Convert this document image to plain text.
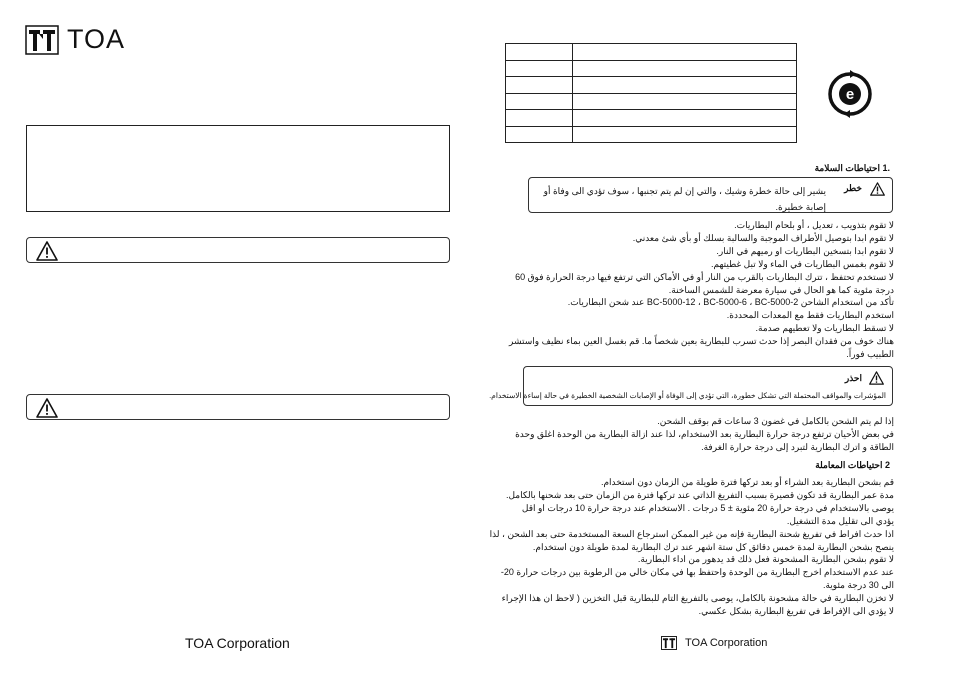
TOA
TOA Corporation

e
.1 احتياطات السلامة
خطر
يشير إلى حالة خطرة وشيك ، والتي إن لم يتم تجنبها ، سوف تؤدي الى وفاة أو إصابة خطيرة.

لا تقوم بتذويب ، تعديل ، أو بلحام البطاريات.

لا تقوم ابدا بتوصيل الأطراف الموجبة والسالبة بسلك أو بأي شئ معدني.

لا تقوم ابدا بتسخين البطاريات او رميهم في النار.

لا تقوم بغمس البطاريات في الماء ولا تبل غطيتهم.

لا تستخدم تحتفظ ، تترك البطاريات بالقرب من النار أو في الأماكن التي ترتفع فيها درجة الحرارة فوق 60

درجة مئوية كما هو الحال في سيارة معرضة للشمس الساخنة.

تأكد من استخدام الشاحن BC-5000-12 ، BC-5000-6 ، BC-5000-2 عند شحن البطاريات.

استخدم البطاريات فقط مع المعدات المحددة.

لا تسقط البطاريات ولا تعطيهم صدمة.

هناك خوف من فقدان البصر إذا حدث تسرب للبطارية بعين شخصاً ما. قم بغسل العين بماء نظيف واستشر

الطبيب فوراً.

احذر
المؤشرات والمواقف المحتملة التي تشكل خطورة، التي تؤدي إلى الوفاة أو الإصابات الشخصية الخطيرة في حالة إساءة الاستخدام.

إذا لم يتم الشحن بالكامل في غضون 3 ساعات قم بوقف الشحن.

في بعض الأحيان ترتفع درجة حرارة البطارية بعد الاستخدام، لذا عند ازالة البطارية من الوحدة اغلق وحدة

الطاقة و اترك البطارية لتبرد إلى درجة حرارة الغرفة.

2 احتياطات المعاملة

قم بشحن البطارية بعد الشراء أو بعد تركها فترة طويلة من الزمان دون استخدام.

مدة عمر البطارية قد تكون قصيرة بسبب التفريغ الذاتي عند تركها فترة من الزمان حتى بعد شحنها بالكامل.

يوصى بالاستخدام في درجة حرارة 20 مئوية ± 5 درجات . الاستخدام عند درجة حرارة 10 درجات او اقل

يؤدي الى تقليل مدة التشغيل.

اذا حدث افراط في تفريغ شحنة البطارية فإنه من غير الممكن استرجاع السعة المستخدمة حتى بعد الشحن ، لذا

ينصح بشحن البطارية لمدة خمس دقائق كل ستة اشهر عند ترك البطارية لمدة طويلة دون استخدام.

لا تقوم بشحن البطارية المشحونة فعل ذلك قد يدهور من اداء البطارية.

عند عدم الاستخدام اخرج البطارية من الوحدة واحتفظ بها في مكان خالي من الرطوبة بين درجات حرارة 20-

الى 30 درجة مئوية.

لا تخزن البطارية في حالة مشحونة بالكامل، يوصى بالتفريغ التام للبطارية قبل التخزين ( لاحظ ان هذا الإجراء

لا يؤدي الى الإفراط في تفريغ البطارية بشكل عكسي.

TOA Corporation
